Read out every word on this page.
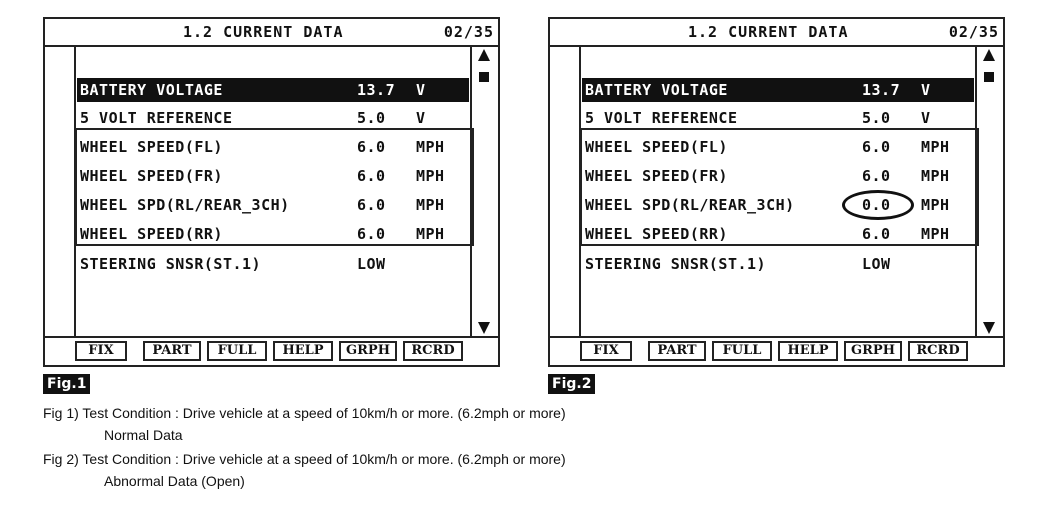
1.2 CURRENT DATA	02/35
BATTERY VOLTAGE	13.7 V
5 VOLT REFERENCE	5.0 V
WHEEL SPEED(FL)	6.0 MPH
WHEEL SPEED(FR)	6.0 MPH
WHEEL SPD(RL/REAR_3CH)	6.0 MPH
WHEEL SPEED(RR)	6.0 MPH
STEERING SNSR(ST.1)	LOW
FIX	PART	FULL	HELP	GRPH	RCRD
Fig.1
1.2 CURRENT DATA	02/35
BATTERY VOLTAGE	13.7 V
5 VOLT REFERENCE	5.0 V
WHEEL SPEED(FL)	6.0 MPH
WHEEL SPEED(FR)	6.0 MPH
WHEEL SPD(RL/REAR_3CH)	0.0 MPH
WHEEL SPEED(RR)	6.0 MPH
STEERING SNSR(ST.1)	LOW
FIX	PART	FULL	HELP	GRPH	RCRD
Fig.2
Fig 1) Test Condition : Drive vehicle at a speed of 10km/h or more. (6.2mph or more)
Normal Data
Fig 2) Test Condition : Drive vehicle at a speed of 10km/h or more. (6.2mph or more)
Abnormal Data (Open)
